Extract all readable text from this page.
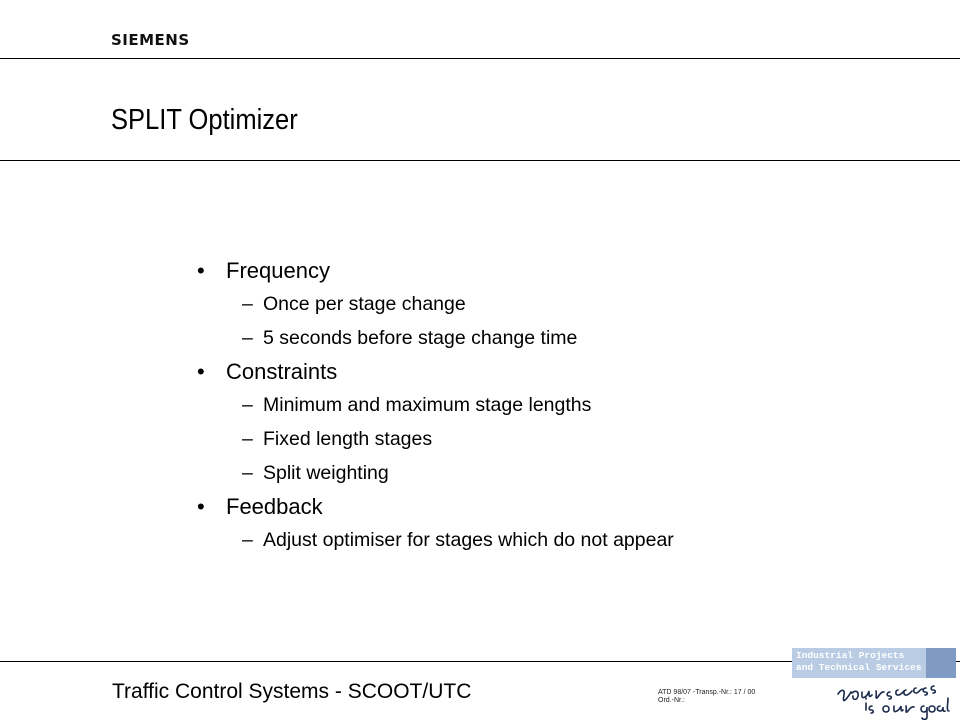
SIEMENS
SPLIT Optimizer
• Frequency
– Once per stage change
– 5 seconds before stage change time
• Constraints
– Minimum and maximum stage lengths
– Fixed length stages
– Split weighting
• Feedback
– Adjust optimiser for stages which do not appear
Traffic Control Systems - SCOOT/UTC	ATD 98/07 -Transp.-Nr.: 17 / 00
Ord.-Nr.:
Industrial Projects
and Technical Services
